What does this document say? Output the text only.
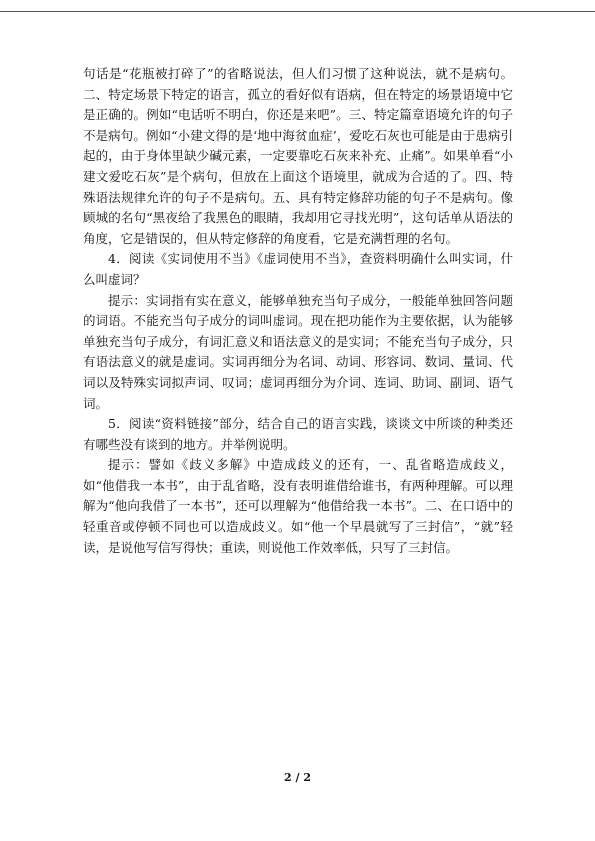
句话是“花瓶被打碎了”的省略说法，但人们习惯了这种说法，就不是病句。二、特定场景下特定的语言，孤立的看好似有语病，但在特定的场景语境中它是正确的。例如“电话听不明白，你还是来吧”。三、特定篇章语境允许的句子不是病句。例如“小建文得的是‘地中海贫血症’，爱吃石灰也可能是由于患病引起的，由于身体里缺少碱元素，一定要靠吃石灰来补充、止痛”。如果单看“小建文爱吃石灰”是个病句，但放在上面这个语境里，就成为合适的了。四、特殊语法规律允许的句子不是病句。五、具有特定修辞功能的句子不是病句。像顾城的名句“黑夜给了我黑色的眼睛，我却用它寻找光明”，这句话单从语法的角度，它是错误的，但从特定修辞的角度看，它是充满哲理的名句。

4．阅读《实词使用不当》《虚词使用不当》，查资料明确什么叫实词，什么叫虚词？

提示：实词指有实在意义，能够单独充当句子成分，一般能单独回答问题的词语。不能充当句子成分的词叫虚词。现在把功能作为主要依据，认为能够单独充当句子成分，有词汇意义和语法意义的是实词；不能充当句子成分，只有语法意义的就是虚词。实词再细分为名词、动词、形容词、数词、量词、代词以及特殊实词拟声词、叹词；虚词再细分为介词、连词、助词、副词、语气词。

5．阅读“资料链接”部分，结合自己的语言实践，谈谈文中所谈的种类还有哪些没有谈到的地方。并举例说明。

提示：譬如《歧义多解》中造成歧义的还有，一、乱省略造成歧义，如“他借我一本书”，由于乱省略，没有表明谁借给谁书，有两种理解。可以理解为“他向我借了一本书”，还可以理解为“他借给我一本书”。二、在口语中的轻重音或停顿不同也可以造成歧义。如“他一个早晨就写了三封信”，“就”轻读，是说他写信写得快；重读，则说他工作效率低，只写了三封信。

2 / 2
